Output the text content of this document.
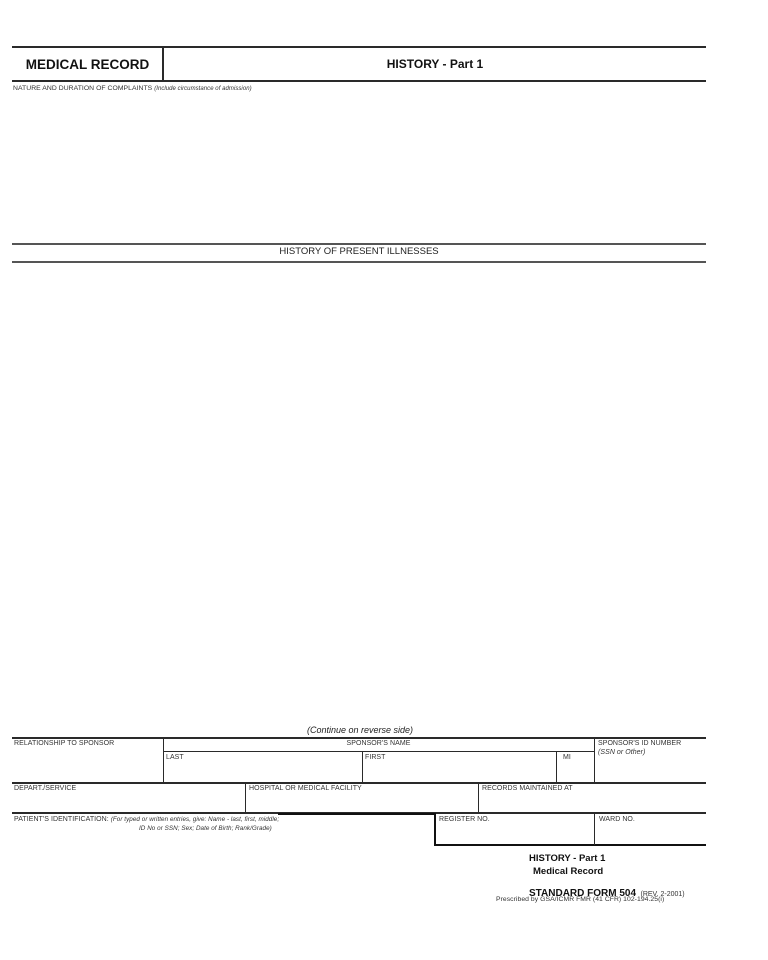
MEDICAL RECORD	HISTORY - Part 1
NATURE AND DURATION OF COMPLAINTS (Include circumstance of admission)
HISTORY OF PRESENT ILLNESSES
(Continue on reverse side)
RELATIONSHIP TO SPONSOR	SPONSOR'S NAME
LAST	FIRST	MI
SPONSOR'S ID NUMBER
(SSN or Other)
DEPART./SERVICE	HOSPITAL OR MEDICAL FACILITY	RECORDS MAINTAINED AT
PATIENT'S IDENTIFICATION: (For typed or written entries, give: Name - last, first, middle;
ID No or SSN; Sex; Date of Birth; Rank/Grade)
REGISTER NO.	WARD NO.
HISTORY - Part 1
Medical Record
STANDARD FORM 504 (REV. 2-2001)
Prescribed by GSA/ICMR FMR (41 CFR) 102-194.25(i)
